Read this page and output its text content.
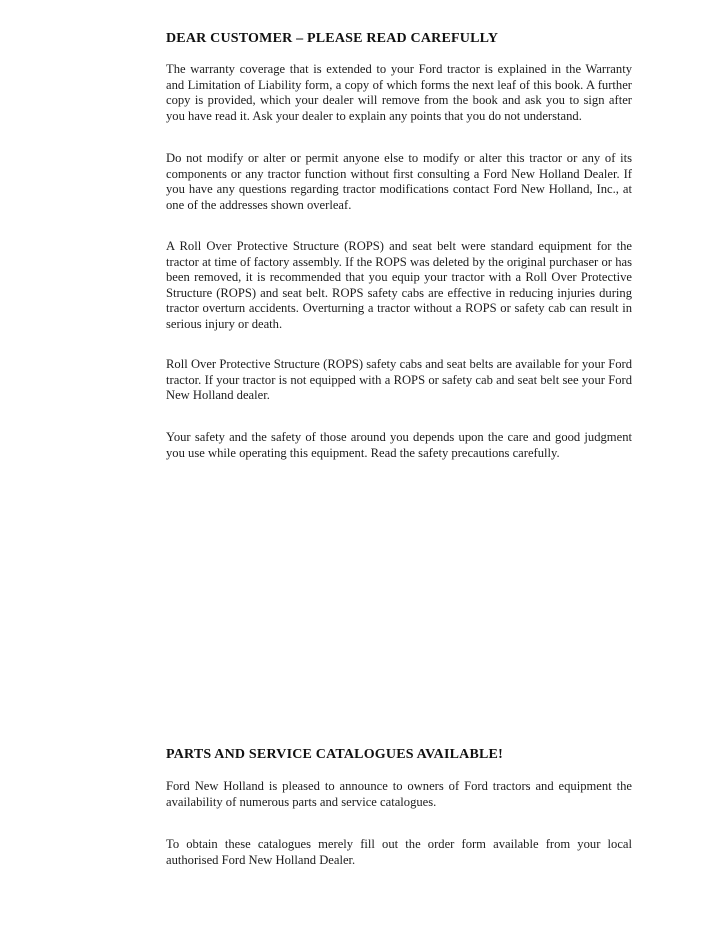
DEAR CUSTOMER – PLEASE READ CAREFULLY

The warranty coverage that is extended to your Ford tractor is explained in the Warranty and Limitation of Liability form, a copy of which forms the next leaf of this book. A further copy is provided, which your dealer will remove from the book and ask you to sign after you have read it. Ask your dealer to explain any points that you do not understand.

Do not modify or alter or permit anyone else to modify or alter this tractor or any of its components or any tractor function without first consulting a Ford New Holland Dealer. If you have any questions regarding tractor modifications contact Ford New Holland, Inc., at one of the addresses shown overleaf.

A Roll Over Protective Structure (ROPS) and seat belt were standard equipment for the tractor at time of factory assembly. If the ROPS was deleted by the original purchaser or has been removed, it is recommended that you equip your tractor with a Roll Over Protective Structure (ROPS) and seat belt. ROPS safety cabs are effective in reducing injuries during tractor overturn accidents. Overturning a tractor without a ROPS or safety cab can result in serious injury or death.

Roll Over Protective Structure (ROPS) safety cabs and seat belts are available for your Ford tractor. If your tractor is not equipped with a ROPS or safety cab and seat belt see your Ford New Holland dealer.

Your safety and the safety of those around you depends upon the care and good judgment you use while operating this equipment. Read the safety precautions carefully.

PARTS AND SERVICE CATALOGUES AVAILABLE!

Ford New Holland is pleased to announce to owners of Ford tractors and equipment the availability of numerous parts and service catalogues.

To obtain these catalogues merely fill out the order form available from your local authorised Ford New Holland Dealer.
